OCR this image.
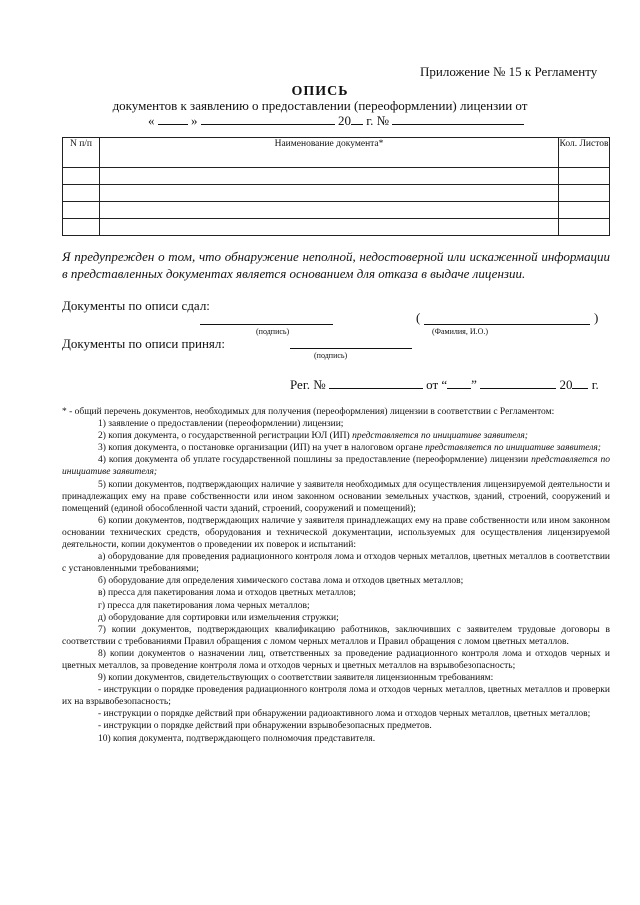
Приложение № 15 к Регламенту
ОПИСЬ
документов к заявлению о предоставлении (переоформлении) лицензии от
«	»	20 г. №
N п/п	Наименование документа*	Кол. Листов

Я предупрежден о том, что обнаружение неполной, недостоверной или искаженной информации в представленных документах является основанием для отказа в выдаче лицензии.
Документы по описи сдал:
(подпись)
(	)
(Фамилия, И.О.)
Документы по описи принял:
(подпись)
Рег. №	от “ ”	20 г.

* - общий перечень документов, необходимых для получения (переоформления) лицензии в соответствии с Регламентом:

1) заявление о предоставлении (переоформлении) лицензии;

2) копия документа, о государственной регистрации ЮЛ (ИП) представляется по инициативе заявителя;

3) копия документа, о постановке организации (ИП) на учет в налоговом органе представляется по инициативе заявителя;

4) копия документа об уплате государственной пошлины за предоставление (переоформление) лицензии представляется по инициативе заявителя;

5) копии документов, подтверждающих наличие у заявителя необходимых для осуществления лицензируемой деятельности и принадлежащих ему на праве собственности или ином законном основании земельных участков, зданий, строений, сооружений и помещений (единой обособленной части зданий, строений, сооружений и помещений);

6) копии документов, подтверждающих наличие у заявителя принадлежащих ему на праве собственности или ином законном основании технических средств, оборудования и технической документации, используемых для осуществления лицензируемой деятельности, копии документов о проведении их поверок и испытаний:

а) оборудование для проведения радиационного контроля лома и отходов черных металлов, цветных металлов в соответствии с установленными требованиями;

б) оборудование для определения химического состава лома и отходов цветных металлов;

в) пресса для пакетирования лома и отходов цветных металлов;

г) пресса для пакетирования лома черных металлов;

д) оборудование для сортировки или измельчения стружки;

7) копии документов, подтверждающих квалификацию работников, заключивших с заявителем трудовые договоры в соответствии с требованиями Правил обращения с ломом черных металлов и Правил обращения с ломом цветных металлов.

8) копии документов о назначении лиц, ответственных за проведение радиационного контроля лома и отходов черных и цветных металлов, за проведение контроля лома и отходов черных и цветных металлов на взрывобезопасность;

9) копии документов, свидетельствующих о соответствии заявителя лицензионным требованиям:

- инструкции о порядке проведения радиационного контроля лома и отходов черных металлов, цветных металлов и проверки их на взрывобезопасность;

- инструкции о порядке действий при обнаружении радиоактивного лома и отходов черных металлов, цветных металлов;

- инструкции о порядке действий при обнаружении взрывобезопасных предметов.

10) копия документа, подтверждающего полномочия представителя.
